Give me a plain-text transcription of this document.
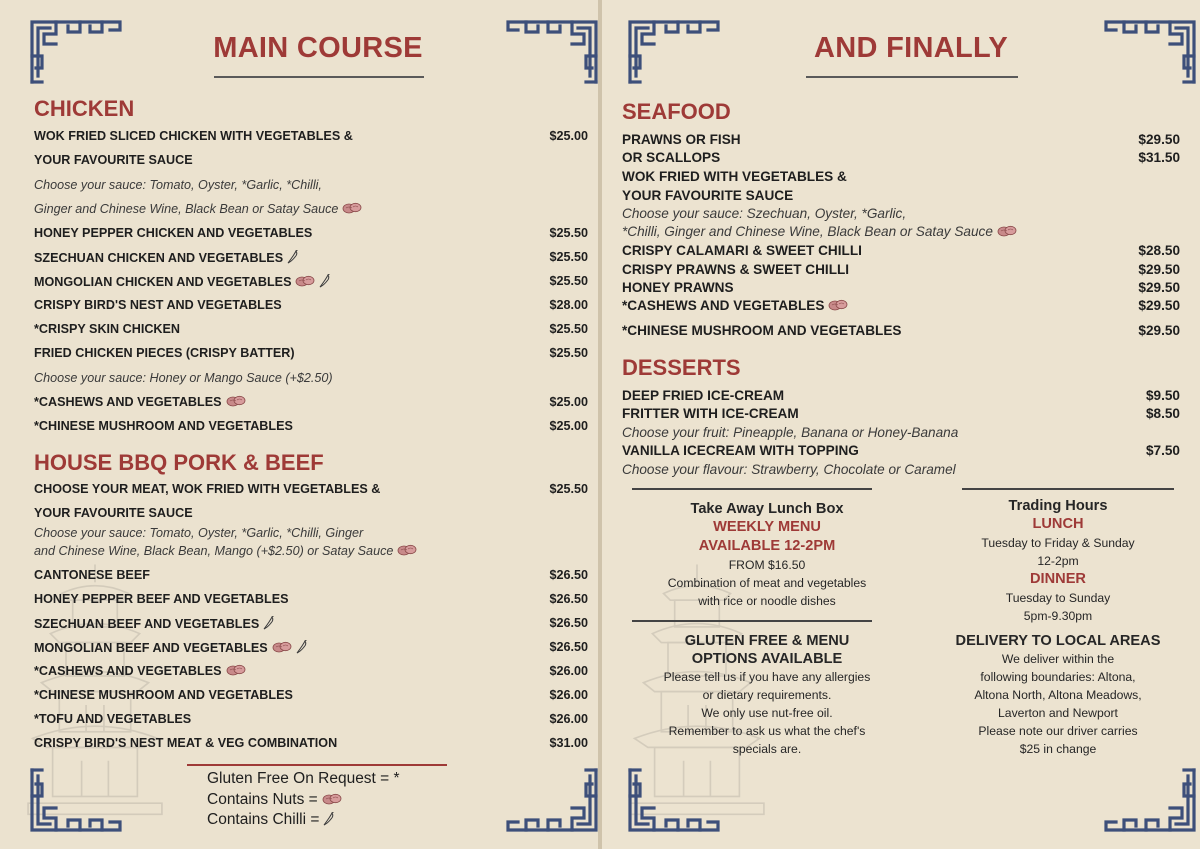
MAIN COURSE
CHICKEN
WOK FRIED SLICED CHICKEN WITH VEGETABLES &	$25.00
YOUR FAVOURITE SAUCE
Choose your sauce: Tomato, Oyster, *Garlic, *Chilli,
Ginger and Chinese Wine, Black Bean or Satay Sauce
HONEY PEPPER CHICKEN AND VEGETABLES	$25.50
SZECHUAN CHICKEN AND VEGETABLES	$25.50
MONGOLIAN CHICKEN AND VEGETABLES	$25.50
CRISPY BIRD'S NEST AND VEGETABLES	$28.00
*CRISPY SKIN CHICKEN	$25.50
FRIED CHICKEN PIECES (CRISPY BATTER)	$25.50
Choose your sauce: Honey or Mango Sauce (+$2.50)
*CASHEWS AND VEGETABLES	$25.00
*CHINESE MUSHROOM AND VEGETABLES	$25.00
HOUSE BBQ PORK & BEEF
CHOOSE YOUR MEAT, WOK FRIED WITH VEGETABLES &	$25.50
YOUR FAVOURITE SAUCE
Choose your sauce: Tomato, Oyster, *Garlic, *Chilli, Ginger
and Chinese Wine, Black Bean, Mango (+$2.50) or Satay Sauce
CANTONESE BEEF	$26.50
HONEY PEPPER BEEF AND VEGETABLES	$26.50
SZECHUAN BEEF AND VEGETABLES	$26.50
MONGOLIAN BEEF AND VEGETABLES	$26.50
*CASHEWS AND VEGETABLES	$26.00
*CHINESE MUSHROOM AND VEGETABLES	$26.00
*TOFU AND VEGETABLES	$26.00
CRISPY BIRD'S NEST MEAT & VEG COMBINATION	$31.00
Gluten Free On Request = *
Contains Nuts =
Contains Chilli =
AND FINALLY
SEAFOOD
PRAWNS OR FISH	$29.50
OR SCALLOPS	$31.50
WOK FRIED WITH VEGETABLES &
YOUR FAVOURITE SAUCE
Choose your sauce: Szechuan, Oyster, *Garlic,
*Chilli, Ginger and Chinese Wine, Black Bean or Satay Sauce
CRISPY CALAMARI & SWEET CHILLI	$28.50
CRISPY PRAWNS & SWEET CHILLI	$29.50
HONEY PRAWNS	$29.50
*CASHEWS AND VEGETABLES	$29.50
*CHINESE MUSHROOM AND VEGETABLES	$29.50
DESSERTS
DEEP FRIED ICE-CREAM	$9.50
FRITTER WITH ICE-CREAM	$8.50
Choose your fruit: Pineapple, Banana or Honey-Banana
VANILLA ICECREAM WITH TOPPING	$7.50
Choose your flavour: Strawberry, Chocolate or Caramel
Take Away Lunch Box
WEEKLY MENU
AVAILABLE 12-2PM
FROM $16.50
Combination of meat and vegetables
with rice or noodle dishes
Trading Hours
LUNCH
Tuesday to Friday & Sunday
12-2pm
DINNER
Tuesday to Sunday
5pm-9.30pm
GLUTEN FREE & MENU
OPTIONS AVAILABLE
Please tell us if you have any allergies
or dietary requirements.
We only use nut-free oil.
Remember to ask us what the chef's
specials are.
DELIVERY TO LOCAL AREAS
We deliver within the
following boundaries: Altona,
Altona North, Altona Meadows,
Laverton and Newport
Please note our driver carries
$25 in change
